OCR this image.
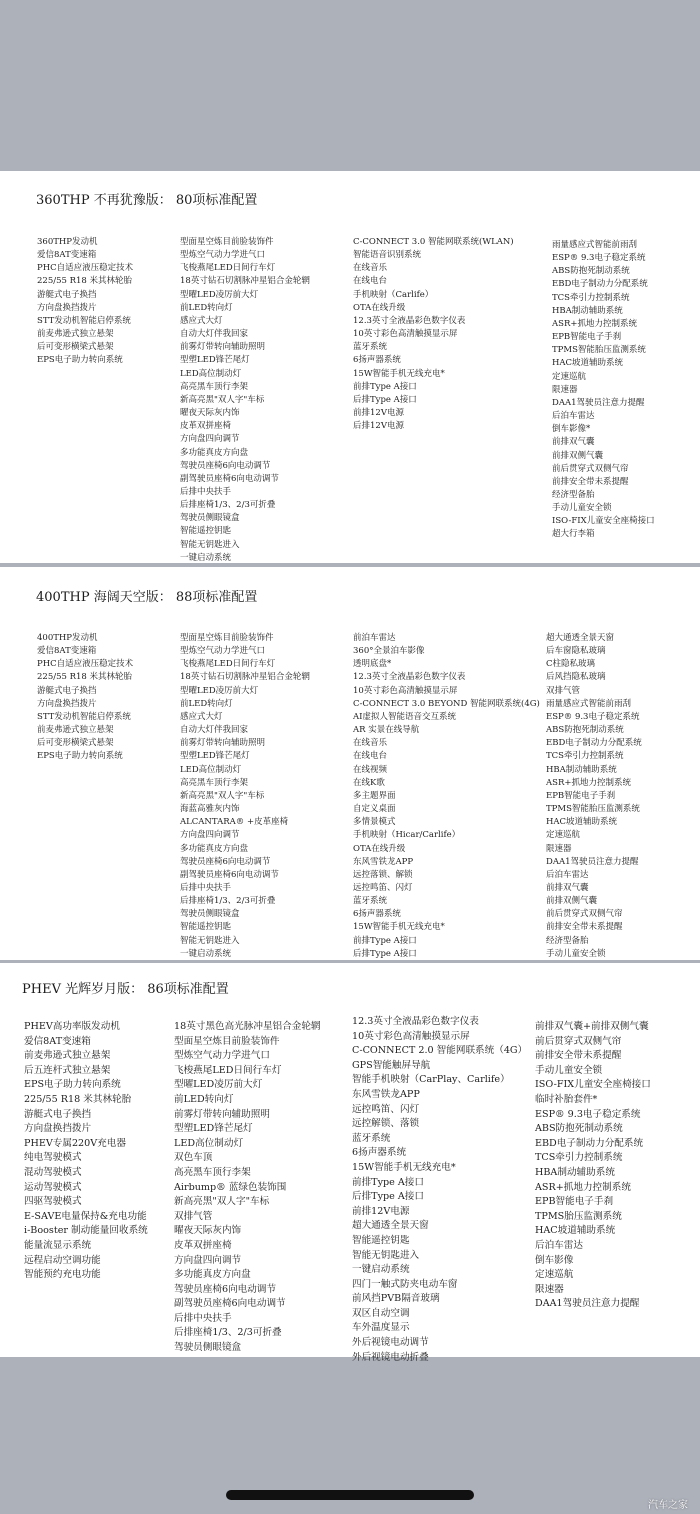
360THP 不再犹豫版： 80项标准配置
360THP发动机
爱信8AT变速箱
PHC自适应液压稳定技术
225/55 R18 米其林轮胎
游艇式电子换挡
方向盘换挡拨片
STT发动机智能启停系统
前麦弗逊式独立悬架
后可变形横梁式悬架
EPS电子助力转向系统
型面星空炼目前脸装饰件
型炼空气动力学进气口
飞梭燕尾LED日间行车灯
18英寸钻石切割脉冲星铝合金轮辋
型曜LED凌厉前大灯
前LED转向灯
感应式大灯
自动大灯伴我回家
前雾灯带转向辅助照明
型塑LED锋芒尾灯
LED高位制动灯
高亮黑车顶行李架
新高亮黑"双人字"车标
曜夜天际灰内饰
皮革双拼座椅
方向盘四向调节
多功能真皮方向盘
驾驶员座椅6向电动调节
副驾驶员座椅6向电动调节
后排中央扶手
后排座椅1/3、2/3可折叠
驾驶员侧眼镜盒
智能遥控钥匙
智能无钥匙进入
一键启动系统
C-CONNECT 3.0 智能网联系统(WLAN)
智能语音识别系统
在线音乐
在线电台
手机映射（Carlife）
OTA在线升级
12.3英寸全液晶彩色数字仪表
10英寸彩色高清触摸显示屏
蓝牙系统
6扬声器系统
15W智能手机无线充电*
前排Type A接口
后排Type A接口
前排12V电源
后排12V电源
雨量感应式智能前雨刮
ESP® 9.3电子稳定系统
ABS防抱死制动系统
EBD电子制动力分配系统
TCS牵引力控制系统
HBA制动辅助系统
ASR+抓地力控制系统
EPB智能电子手刹
TPMS智能胎压监测系统
HAC坡道辅助系统
定速巡航
限速器
DAA1驾驶员注意力提醒
后泊车雷达
倒车影像*
前排双气囊
前排双侧气囊
前后贯穿式双侧气帘
前排安全带未系提醒
经济型备胎
手动儿童安全锁
ISO-FIX儿童安全座椅接口
超大行李箱
400THP 海阔天空版： 88项标准配置
400THP发动机
爱信8AT变速箱
PHC自适应液压稳定技术
225/55 R18 米其林轮胎
游艇式电子换挡
方向盘换挡拨片
STT发动机智能启停系统
前麦弗逊式独立悬架
后可变形横梁式悬架
EPS电子助力转向系统
型面星空炼目前脸装饰件
型炼空气动力学进气口
飞梭燕尾LED日间行车灯
18英寸钻石切割脉冲星铝合金轮辋
型曜LED凌厉前大灯
前LED转向灯
感应式大灯
自动大灯伴我回家
前雾灯带转向辅助照明
型塑LED锋芒尾灯
LED高位制动灯
高亮黑车顶行李架
新高亮黑"双人字"车标
海蓝高雅灰内饰
ALCANTARA® +皮革座椅
方向盘四向调节
多功能真皮方向盘
驾驶员座椅6向电动调节
副驾驶员座椅6向电动调节
后排中央扶手
后排座椅1/3、2/3可折叠
驾驶员侧眼镜盒
智能遥控钥匙
智能无钥匙进入
一键启动系统
前泊车雷达
360°全景泊车影像
透明底盘*
12.3英寸全液晶彩色数字仪表
10英寸彩色高清触摸显示屏
C-CONNECT 3.0 BEYOND 智能网联系统(4G)
AI虚拟人智能语音交互系统
AR 实景在线导航
在线音乐
在线电台
在线视频
在线K歌
多主题界面
自定义桌面
多情景模式
手机映射（Hicar/Carlife）
OTA在线升级
东风雪铁龙APP
远控落锁、解锁
远控鸣笛、闪灯
蓝牙系统
6扬声器系统
15W智能手机无线充电*
前排Type A接口
后排Type A接口
超大通透全景天窗
后车窗隐私玻璃
C柱隐私玻璃
后风挡隐私玻璃
双排气管
雨量感应式智能前雨刮
ESP® 9.3电子稳定系统
ABS防抱死制动系统
EBD电子制动力分配系统
TCS牵引力控制系统
HBA制动辅助系统
ASR+抓地力控制系统
EPB智能电子手刹
TPMS智能胎压监测系统
HAC坡道辅助系统
定速巡航
限速器
DAA1驾驶员注意力提醒
后泊车雷达
前排双气囊
前排双侧气囊
前后贯穿式双侧气帘
前排安全带未系提醒
经济型备胎
手动儿童安全锁
PHEV 光辉岁月版： 86项标准配置
PHEV高功率版发动机
爱信8AT变速箱
前麦弗逊式独立悬架
后五连杆式独立悬架
EPS电子助力转向系统
225/55 R18 米其林轮胎
游艇式电子换挡
方向盘换挡拨片
PHEV专属220V充电器
纯电驾驶模式
混动驾驶模式
运动驾驶模式
四驱驾驶模式
E-SAVE电量保持&充电功能
i-Booster 制动能量回收系统
能量流显示系统
远程启动空调功能
智能预约充电功能
18英寸黑色高光脉冲星铝合金轮辋
型面星空炼目前脸装饰件
型炼空气动力学进气口
飞梭燕尾LED日间行车灯
型曜LED凌厉前大灯
前LED转向灯
前雾灯带转向辅助照明
型塑LED锋芒尾灯
LED高位制动灯
双色车顶
高亮黑车顶行李架
Airbump® 蓝绿色装饰围
新高亮黑"双人字"车标
双排气管
曜夜天际灰内饰
皮革双拼座椅
方向盘四向调节
多功能真皮方向盘
驾驶员座椅6向电动调节
副驾驶员座椅6向电动调节
后排中央扶手
后排座椅1/3、2/3可折叠
驾驶员侧眼镜盒
12.3英寸全液晶彩色数字仪表
10英寸彩色高清触摸显示屏
C-CONNECT 2.0 智能网联系统（4G）
GPS智能触屏导航
智能手机映射（CarPlay、Carlife）
东风雪铁龙APP
远控鸣笛、闪灯
远控解锁、落锁
蓝牙系统
6扬声器系统
15W智能手机无线充电*
前排Type A接口
后排Type A接口
前排12V电源
超大通透全景天窗
智能遥控钥匙
智能无钥匙进入
一键启动系统
四门一触式防夹电动车窗
前风挡PVB隔音玻璃
双区自动空调
车外温度显示
外后视镜电动调节
外后视镜电动折叠
前排双气囊+前排双侧气囊
前后贯穿式双侧气帘
前排安全带未系提醒
手动儿童安全锁
ISO-FIX儿童安全座椅接口
临时补胎套件*
ESP® 9.3电子稳定系统
ABS防抱死制动系统
EBD电子制动力分配系统
TCS牵引力控制系统
HBA制动辅助系统
ASR+抓地力控制系统
EPB智能电子手刹
TPMS胎压监测系统
HAC坡道辅助系统
后泊车雷达
倒车影像
定速巡航
限速器
DAA1驾驶员注意力提醒
汽车之家
